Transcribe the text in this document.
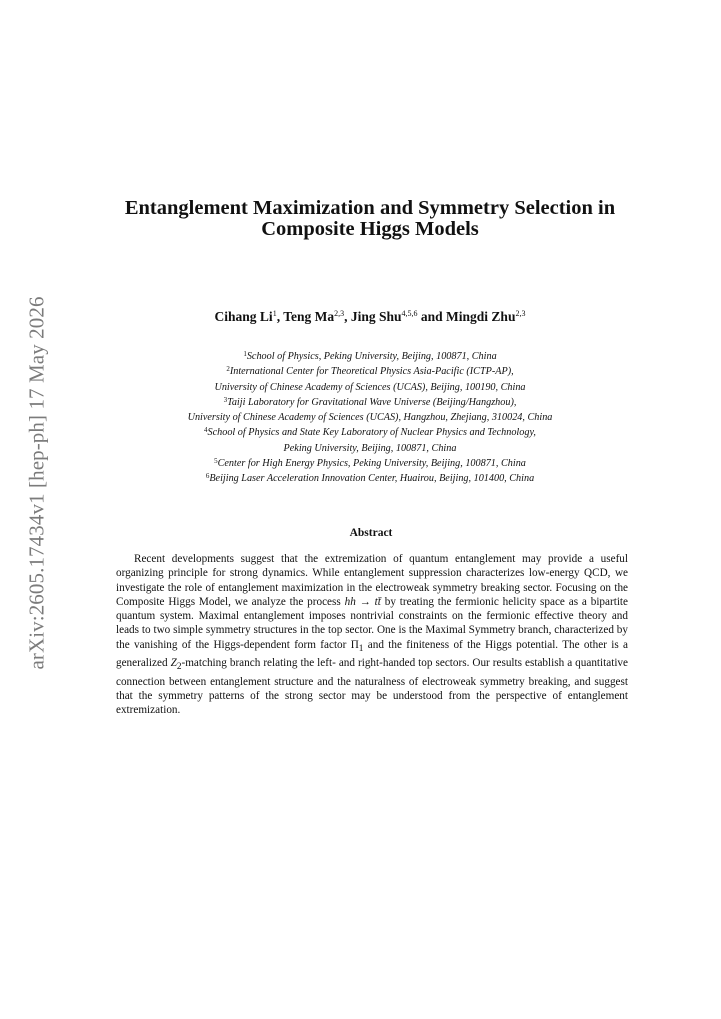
arXiv:2605.17434v1 [hep-ph] 17 May 2026
Entanglement Maximization and Symmetry Selection in
Composite Higgs Models
Cihang Li$^1$, Teng Ma$^{2,3}$, Jing Shu$^{4,5,6}$ and Mingdi Zhu$^{2,3}$
$^1$School of Physics, Peking University, Beijing, 100871, China
$^2$International Center for Theoretical Physics Asia-Pacific (ICTP-AP),
University of Chinese Academy of Sciences (UCAS), Beijing, 100190, China
$^3$Taiji Laboratory for Gravitational Wave Universe (Beijing/Hangzhou),
University of Chinese Academy of Sciences (UCAS), Hangzhou, Zhejiang, 310024, China
$^4$School of Physics and State Key Laboratory of Nuclear Physics and Technology,
Peking University, Beijing, 100871, China
$^5$Center for High Energy Physics, Peking University, Beijing, 100871, China
$^6$Beijing Laser Acceleration Innovation Center, Huairou, Beijing, 101400, China
Abstract
Recent developments suggest that the extremization of quantum entanglement may provide a useful organizing principle for strong dynamics. While entanglement suppression characterizes low-energy QCD, we investigate the role of entanglement maximization in the electroweak symmetry breaking sector. Focusing on the Composite Higgs Model, we analyze the process hh → tt̄ by treating the fermionic helicity space as a bipartite quantum system. Maximal entanglement imposes nontrivial constraints on the fermionic effective theory and leads to two simple symmetry structures in the top sector. One is the Maximal Symmetry branch, characterized by the vanishing of the Higgs-dependent form factor $\Pi_1$ and the finiteness of the Higgs potential. The other is a generalized $Z_2$-matching branch relating the left- and right-handed top sectors. Our results establish a quantitative connection between entanglement structure and the naturalness of electroweak symmetry breaking, and suggest that the symmetry patterns of the strong sector may be understood from the perspective of entanglement extremization.
